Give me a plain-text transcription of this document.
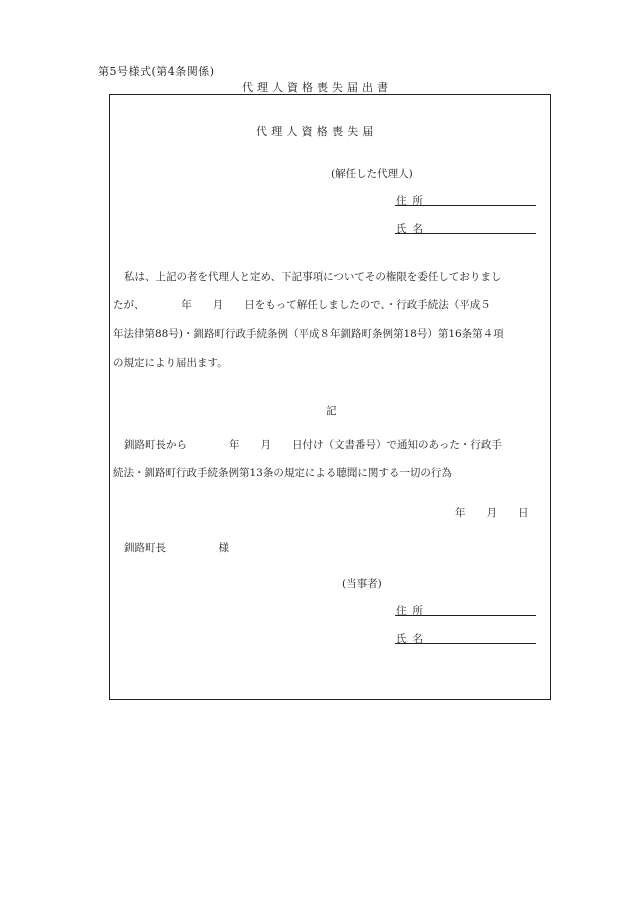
第5号様式(第4条関係)
代理人資格喪失届出書
代理人資格喪失届
(解任した代理人)
住所
氏名
私は、上記の者を代理人と定め、下記事項についてその権限を委任しておりまし
たが、　　　　年　　月　　日をもって解任しましたので、・行政手続法（平成５
年法律第88号)・釧路町行政手続条例（平成８年釧路町条例第18号）第16条第４項
の規定により届出ます。
記
釧路町長から　　　　年　　月　　日付け（文書番号）で通知のあった・行政手
続法・釧路町行政手続条例第13条の規定による聴聞に関する一切の行為
年　　月　　日
釧路町長　　　　　様
(当事者)
住所
氏名
